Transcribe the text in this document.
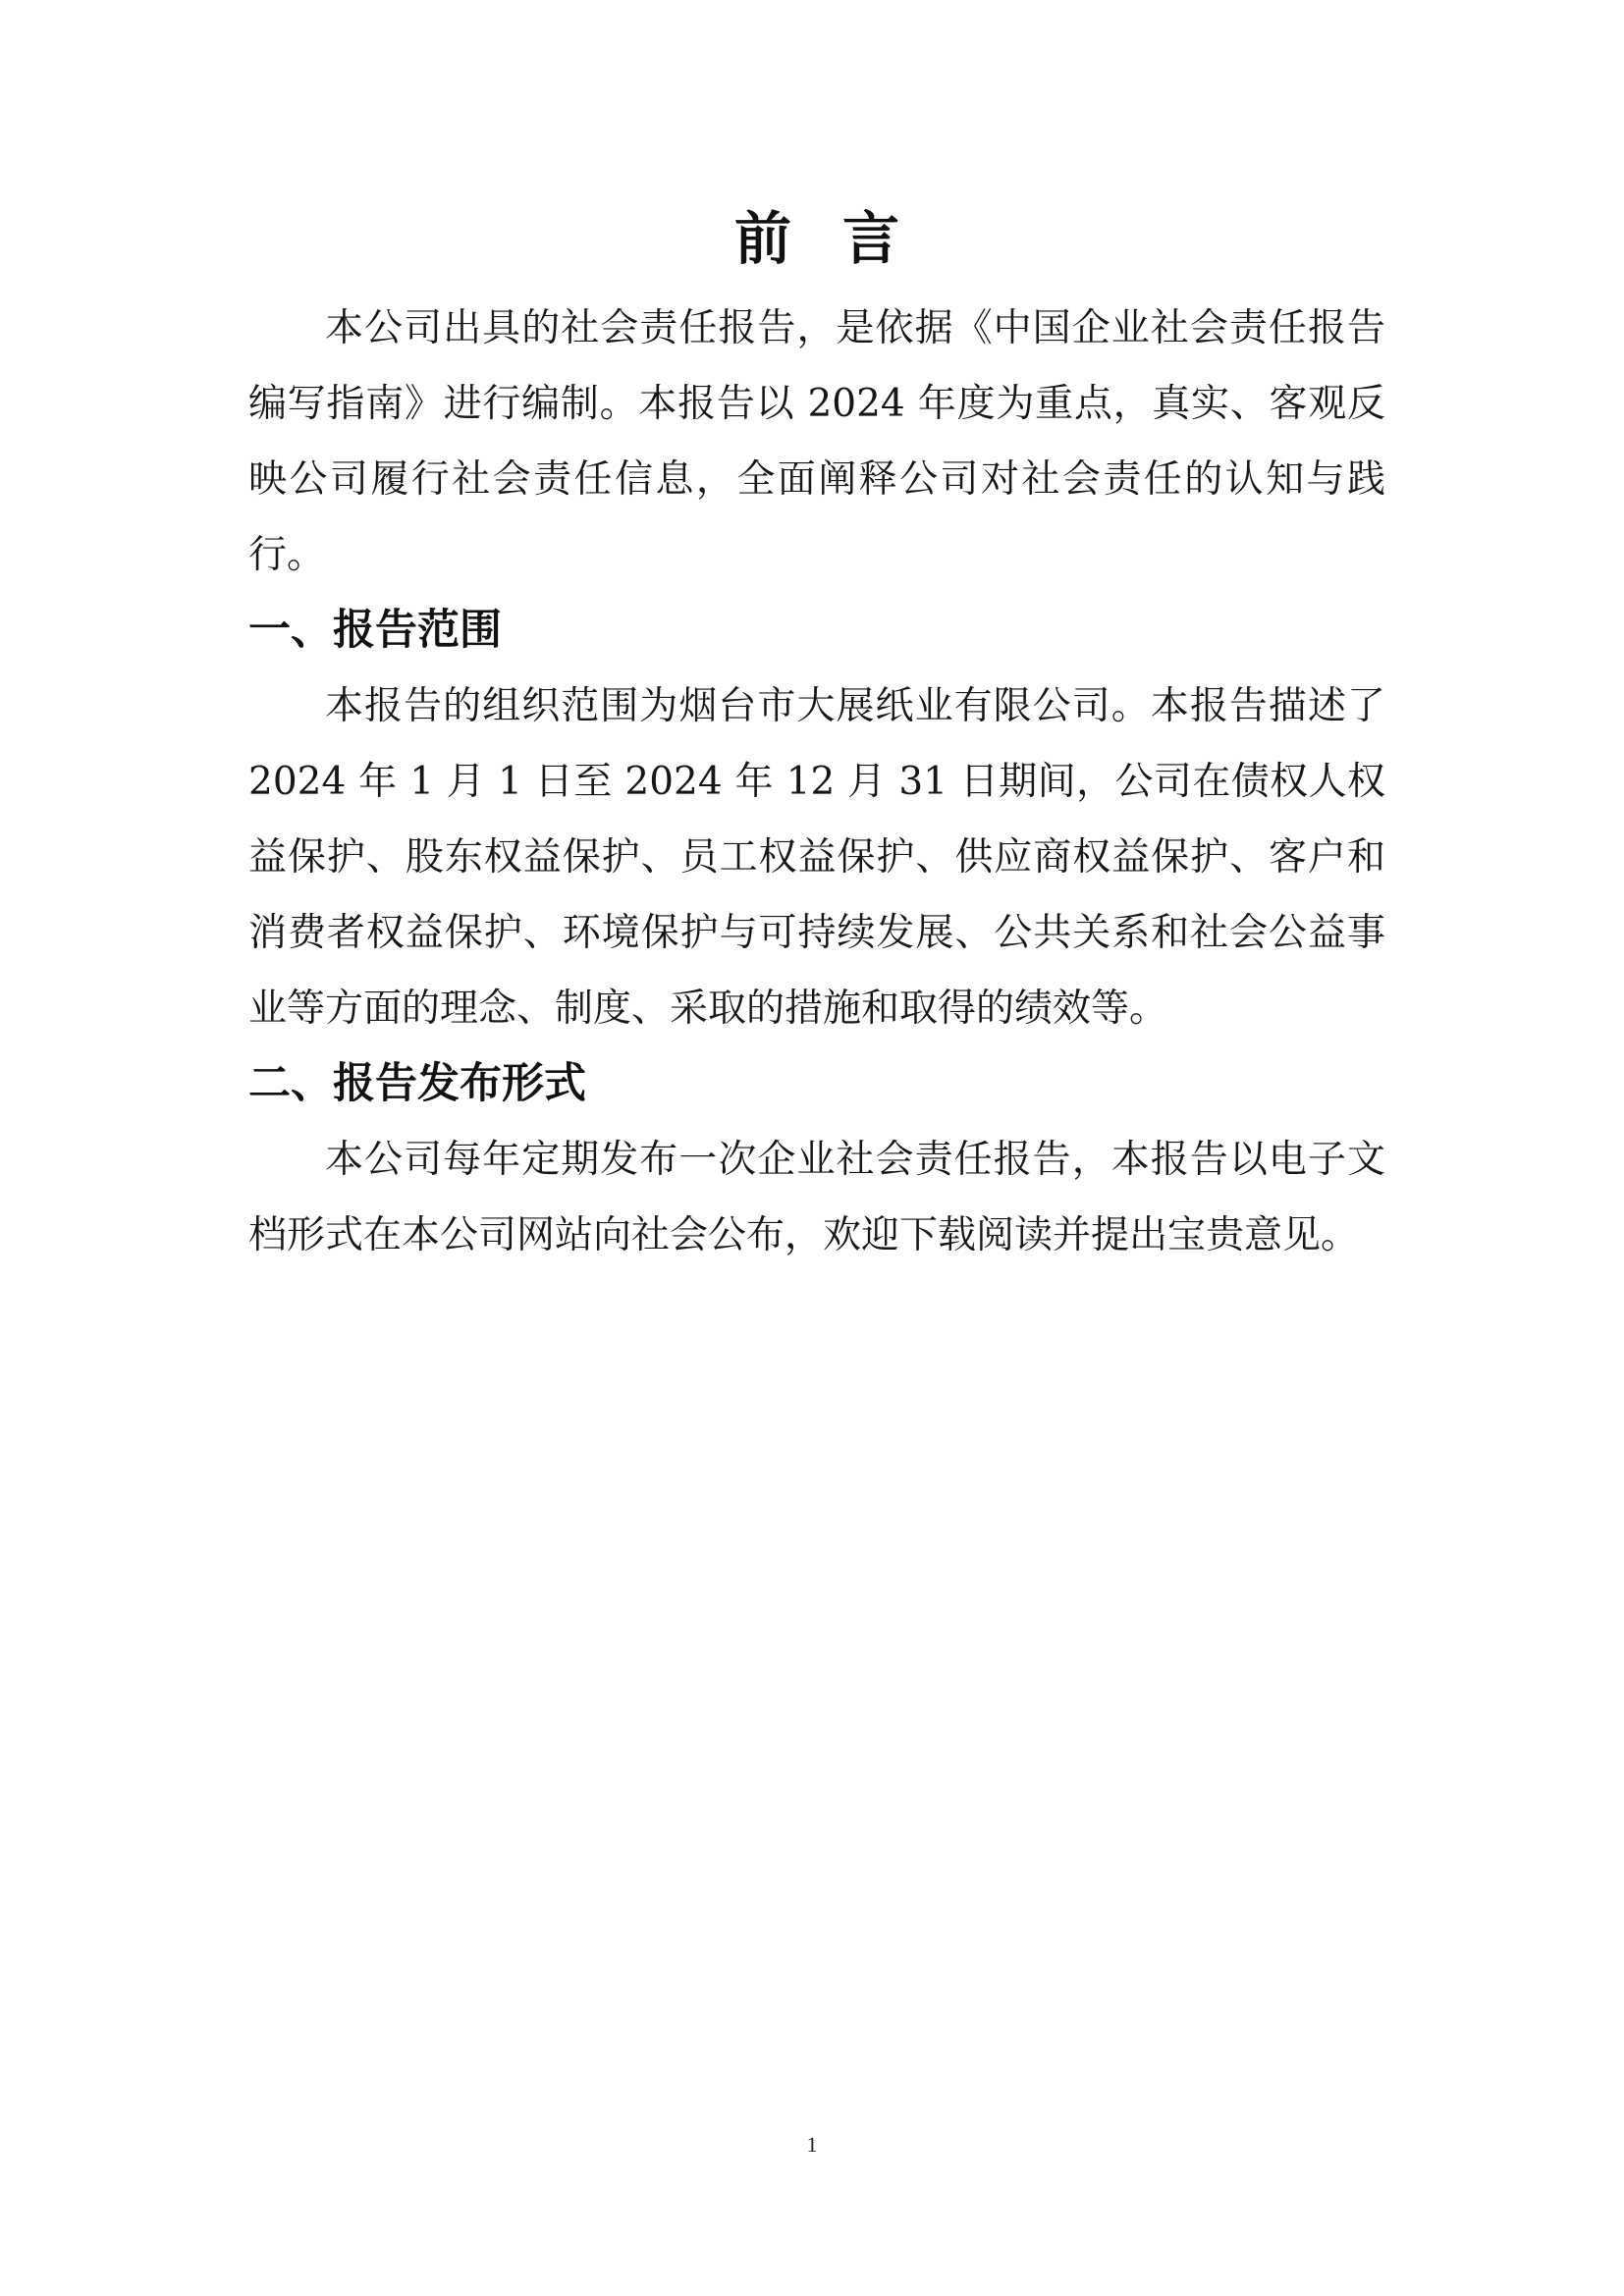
前言

本公司出具的社会责任报告，是依据《中国企业社会责任报告编写指南》进行编制。本报告以 2024 年度为重点，真实、客观反映公司履行社会责任信息，全面阐释公司对社会责任的认知与践行。

一、报告范围

本报告的组织范围为烟台市大展纸业有限公司。本报告描述了 2024 年 1 月 1 日至 2024 年 12 月 31 日期间，公司在债权人权益保护、股东权益保护、员工权益保护、供应商权益保护、客户和消费者权益保护、环境保护与可持续发展、公共关系和社会公益事业等方面的理念、制度、采取的措施和取得的绩效等。

二、报告发布形式

本公司每年定期发布一次企业社会责任报告，本报告以电子文档形式在本公司网站向社会公布，欢迎下载阅读并提出宝贵意见。

1
